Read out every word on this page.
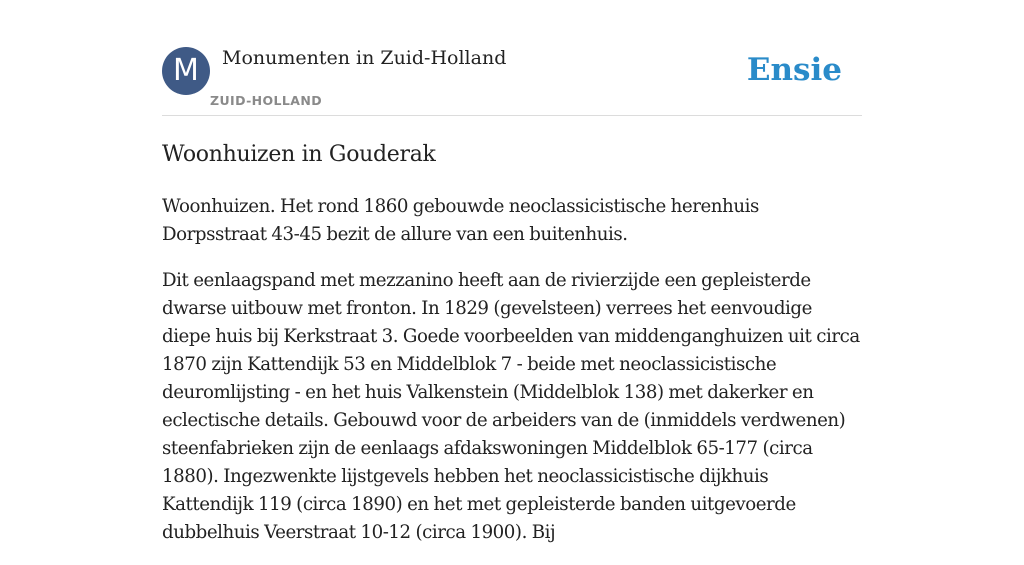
M	Monumenten in Zuid-Holland
ZUID-HOLLAND
Ensie
Woonhuizen in Gouderak

Woonhuizen. Het rond 1860 gebouwde neoclassicistische herenhuis Dorpsstraat 43-45 bezit de allure van een buitenhuis.

Dit eenlaagspand met mezzanino heeft aan de rivierzijde een gepleisterde dwarse uitbouw met fronton. In 1829 (gevelsteen) verrees het eenvoudige diepe huis bij Kerkstraat 3. Goede voorbeelden van middenganghuizen uit circa 1870 zijn Kattendijk 53 en Middelblok 7 - beide met neoclassicistische deuromlijsting - en het huis Valkenstein (Middelblok 138) met dakerker en eclectische details. Gebouwd voor de arbeiders van de (inmiddels verdwenen) steenfabrieken zijn de eenlaags afdakswoningen Middelblok 65-177 (circa 1880). Ingezwenkte lijstgevels hebben het neoclassicistische dijkhuis Kattendijk 119 (circa 1890) en het met gepleisterde banden uitgevoerde dubbelhuis Veerstraat 10-12 (circa 1900). Bij
